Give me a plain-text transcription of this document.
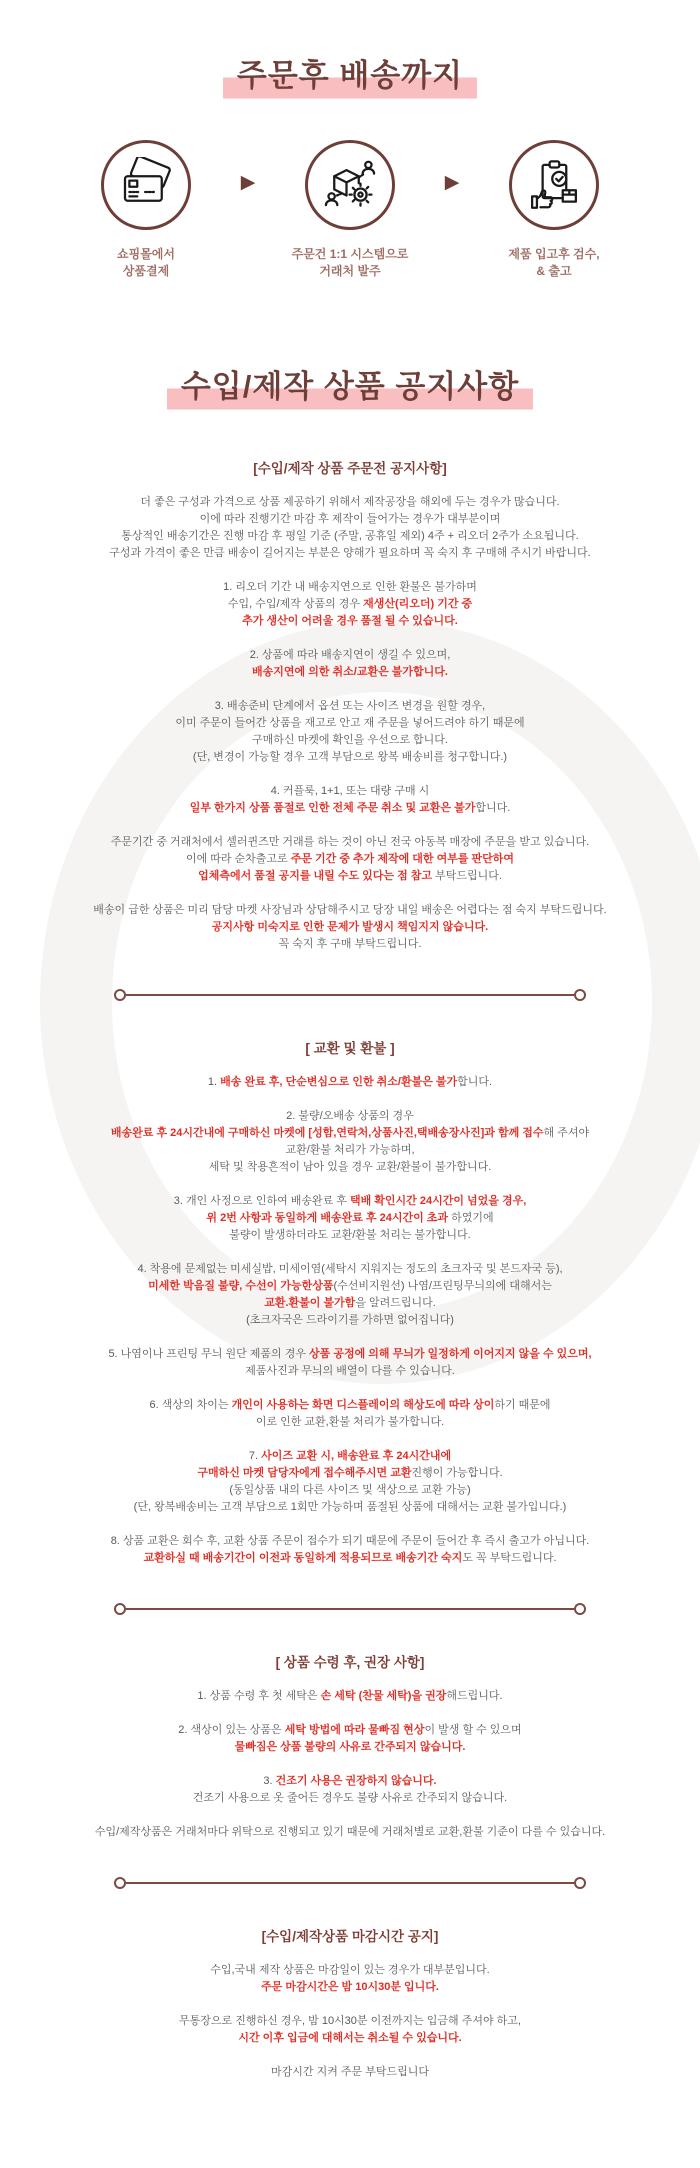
주문후 배송까지
쇼핑몰에서
상품결제
▶
주문건 1:1 시스템으로
거래처 발주
▶
제품 입고후 검수,
& 출고
수입/제작 상품 공지사항
[수입/제작 상품 주문전 공지사항]

더 좋은 구성과 가격으로 상품 제공하기 위해서 제작공장을 해외에 두는 경우가 많습니다.
이에 따라 진행기간 마감 후 제작이 들어가는 경우가 대부분이며
통상적인 배송기간은 진행 마감 후 평일 기준 (주말, 공휴일 제외) 4주 + 리오더 2주가 소요됩니다.
구성과 가격이 좋은 만큼 배송이 길어지는 부분은 양해가 필요하며 꼭 숙지 후 구매해 주시기 바랍니다.

1. 리오더 기간 내 배송지연으로 인한 환불은 불가하며
수입, 수입/제작 상품의 경우 재생산(리오더) 기간 중
추가 생산이 어려울 경우 품절 될 수 있습니다.

2. 상품에 따라 배송지연이 생길 수 있으며,
배송지연에 의한 취소/교환은 불가합니다.

3. 배송준비 단계에서 옵션 또는 사이즈 변경을 원할 경우,
이미 주문이 들어간 상품을 재고로 안고 재 주문을 넣어드려야 하기 때문에
구매하신 마켓에 확인을 우선으로 합니다.
(단, 변경이 가능할 경우 고객 부담으로 왕복 배송비를 청구합니다.)

4. 커플룩, 1+1, 또는 대량 구매 시
일부 한가지 상품 품절로 인한 전체 주문 취소 및 교환은 불가합니다.

주문기간 중 거래처에서 셀러퀸즈만 거래를 하는 것이 아닌 전국 아동복 매장에 주문을 받고 있습니다.
이에 따라 순차출고로 주문 기간 중 추가 제작에 대한 여부를 판단하여
업체측에서 품절 공지를 내릴 수도 있다는 점 참고 부탁드립니다.

배송이 급한 상품은 미리 담당 마켓 사장님과 상담해주시고 당장 내일 배송은 어렵다는 점 숙지 부탁드립니다.
공지사항 미숙지로 인한 문제가 발생시 책임지지 않습니다.
꼭 숙지 후 구매 부탁드립니다.

[ 교환 및 환불 ]

1. 배송 완료 후, 단순변심으로 인한 취소/환불은 불가합니다.

2. 불량/오배송 상품의 경우
배송완료 후 24시간내에 구매하신 마켓에 [성함,연락처,상품사진,택배송장사진]과 함께 접수해 주셔야
교환/환불 처리가 가능하며,
세탁 및 착용흔적이 남아 있을 경우 교환/환불이 불가합니다.

3. 개인 사정으로 인하여 배송완료 후 택배 확인시간 24시간이 넘었을 경우,
위 2번 사항과 동일하게 배송완료 후 24시간이 초과 하였기에
불량이 발생하더라도 교환/환불 처리는 불가합니다.

4. 착용에 문제없는 미세실밥, 미세이염(세탁시 지워지는 정도의 초크자국 및 본드자국 등),
미세한 박음질 불량, 수선이 가능한상품(수선비지원선) 나염/프린팅무늬의에 대해서는
교환.환불이 불가함을 알려드립니다.
(초크자국은 드라이기를 가하면 없어집니다)

5. 나염이나 프린팅 무늬 원단 제품의 경우 상품 공정에 의해 무늬가 일정하게 이어지지 않을 수 있으며,
제품사진과 무늬의 배열이 다를 수 있습니다.

6. 색상의 차이는 개인이 사용하는 화면 디스플레이의 해상도에 따라 상이하기 때문에
이로 인한 교환,환불 처리가 불가합니다.

7. 사이즈 교환 시, 배송완료 후 24시간내에
구매하신 마켓 담당자에게 접수해주시면 교환진행이 가능합니다.
(동일상품 내의 다른 사이즈 및 색상으로 교환 가능)
(단, 왕복배송비는 고객 부담으로 1회만 가능하며 품절된 상품에 대해서는 교환 불가입니다.)

8. 상품 교환은 회수 후, 교환 상품 주문이 접수가 되기 때문에 주문이 들어간 후 즉시 출고가 아닙니다.
교환하실 때 배송기간이 이전과 동일하게 적용되므로 배송기간 숙지도 꼭 부탁드립니다.

[ 상품 수령 후, 권장 사항]

1. 상품 수령 후 첫 세탁은 손 세탁 (찬물 세탁)을 권장해드립니다.

2. 색상이 있는 상품은 세탁 방법에 따라 물빠짐 현상이 발생 할 수 있으며
물빠짐은 상품 불량의 사유로 간주되지 않습니다.

3. 건조기 사용은 권장하지 않습니다.
건조기 사용으로 옷 줄어든 경우도 불량 사유로 간주되지 않습니다.

수입/제작상품은 거래처마다 위탁으로 진행되고 있기 때문에 거래처별로 교환,환불 기준이 다를 수 있습니다.

[수입/제작상품 마감시간 공지]

수입,국내 제작 상품은 마감일이 있는 경우가 대부분입니다.
주문 마감시간은 밤 10시30분 입니다.

무통장으로 진행하신 경우, 밤 10시30분 이전까지는 입금해 주셔야 하고,
시간 이후 입금에 대해서는 취소될 수 있습니다.

마감시간 지켜 주문 부탁드립니다
